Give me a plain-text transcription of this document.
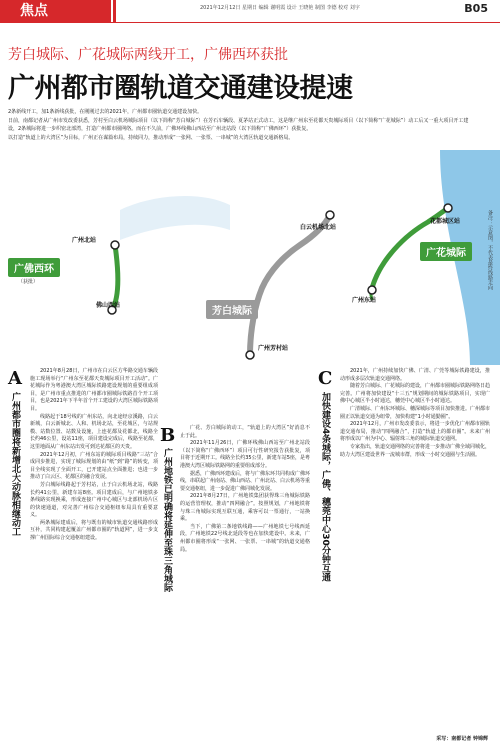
焦点	2021年12月12日 星期日 编辑 谢明霞 设计 王晓艳 制图 李德 校对 刘宇	B05
芳白城际、广花城际两线开工，广佛西环获批
广州都市圈轨道交通建设提速

2条新线开工，加1条新线获批，在刚刚过去的2021年，广州都市圈轨道交通建设加快。

日前，南都记者从广州市发改委获悉，芳村至白云机场城际项目（以下简称“芳白城际”）在芳石车辆段、夏茅站正式动工，这是继广州东至花都天贵城际项目（以下简称“广花城际”）动工后又一重大项目开工建设，2条城际将进一步织密北部湾，打造广州都市圈网络。而在不久前，广佛环线佛山西站至广州北站段（以下简称“广佛西环”）获批复。

以打造“轨道上的大湾区”为目标，广州正在谋篇布局，持续同力，推动形成“一张网、一张票、一串城”的大湾区轨道交通新格局。

广州北站
佛山西站
白云机场北站
花都城区站
广州东站
广州芳村站
广佛西环
（获批）
广花城际
芳白城际
备注：示意图，不代表最终线路走向
A
广州都市圈将新增北大动脉相继动工

2021年8月28日，广州市在白云区方华路交通车辆段施工现场举行“广州东至花都天贵城际项目开工活动”。广花城际作为粤港澳大湾区城际铁路建设规划的重要组成项目，是广州市重点推进的广州都市圈城际铁路首个开工项目，也是2021年下半年首个开工建设的大湾区城际铁路项目。

线路起于18号线的广州东站，向北途经京溪路，白云新城，白云新城北、人和、机场北站，至花城区，与站规模、站数位置、站数及设施，上连花都及花都北，线路全长约46公里，设站11座，项目建设完成后，线路至花都，这里地面从广州东站出发可到达花都区的天贵。

2021年12月初，广州东站的城际项目线路“三站”合成同步推进，实现了城际规划的由“纸”到“路”的转变，项目全线实现了全面开工，已开建站点全面推进；也进一步推动了白云区、花都区的融合发展。

芳白城际线路起于芳村站，止于白云机场北站，线路长约41公里，新建车站8座。项目建成后，与广州地铁多条线路实现换乘，形成连接广州中心城区与北部机场片区的快速通道，对完善广州综合交通枢纽布局具有重要意义。

两条城际建成后，将与既有的城市轨道交通线路形成互补，共同构建起覆盖广州都市圈的“轨道网”，进一步支撑广州国际综合交通枢纽建设。

B
广州地铁已明确将延伸至珠三角城际

广花、芳白城际的动工，“轨道上的大湾区”好消息不止于此。

2021年11月26日，广佛环线佛山西站至广州北站段（以下简称“广佛西环”）项目可行性研究报告获批复，项目将于近期开工。线路全长约35公里，新建车站5座，是粤港澳大湾区城际铁路网的重要组成部分。

据悉，广佛西环建成后，将与广佛东环共同构成广佛环线，串联起广州南站、佛山西站、广州北站、白云机场等重要交通枢纽，进一步促进广佛同城化发展。

2021年8月27日，广州地铁集团获得珠三角城际铁路的运营管理权，推动“四网融合”。按照规划，广州地铁将与珠三角城际实现互联互通，乘客可以一票通行，一站换乘。

当下，广佛第二条地铁线路——广州地铁七号线西延段，广州地铁22号线北延段等也在加快建设中。未来，广州都市圈将形成“一张网、一张票、一串城”的轨道交通格局。

C
加快建设4条城际，广佛、穗莞中心30分钟互通

2021年，广州持续加快广佛、广清、广莞等城际铁路建设，推动形成多层次轨道交通网络。

随着芳白城际、广花城际的建设，广州都市圈城际铁路网络日趋完善。广州将加快建设“十三五”规划期间的城际铁路项目，实现广佛中心城区半小时通达，穗莞中心城区半小时通达。

广清城际、广州东环城际、穗深城际等项目加快推进。广州都市圈正以轨道交通为纽带，加快构建“1小时通勤圈”。

2021年12月，广州市发改委表示，将进一步优化广州都市圈轨道交通布局，推动“四网融合”，打造“轨道上的都市圈”。未来广州将形成以广州为中心、辐射珠三角的城际轨道交通网。

专家指出，轨道交通网络的完善将进一步推动广佛全域同城化，助力大湾区建设世界一流城市群，形成一小时交通圈与生活圈。

采写：南都记者 钟锦辉
